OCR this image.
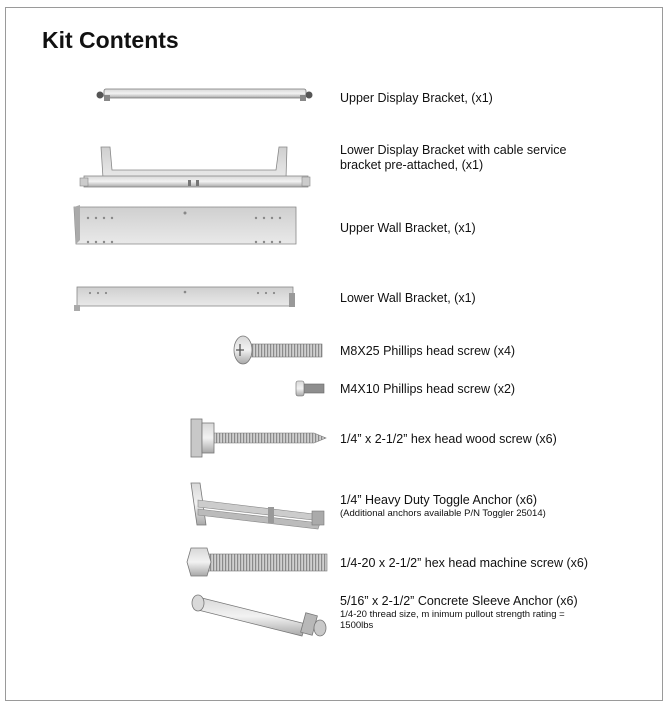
Kit Contents
Upper Display Bracket, (x1)
Lower Display Bracket with cable service
bracket pre-attached, (x1)
Upper Wall Bracket, (x1)
Lower Wall Bracket, (x1)
M8X25 Phillips head screw (x4)
M4X10 Phillips head screw (x2)
1/4” x 2-1/2” hex head wood screw (x6)
1/4” Heavy Duty Toggle Anchor (x6)
(Additional anchors available P/N Toggler 25014)
1/4-20 x 2-1/2” hex head machine screw (x6)
5/16” x 2-1/2” Concrete Sleeve Anchor (x6)
1/4-20 thread size, m inimum pullout strength rating =
1500lbs
